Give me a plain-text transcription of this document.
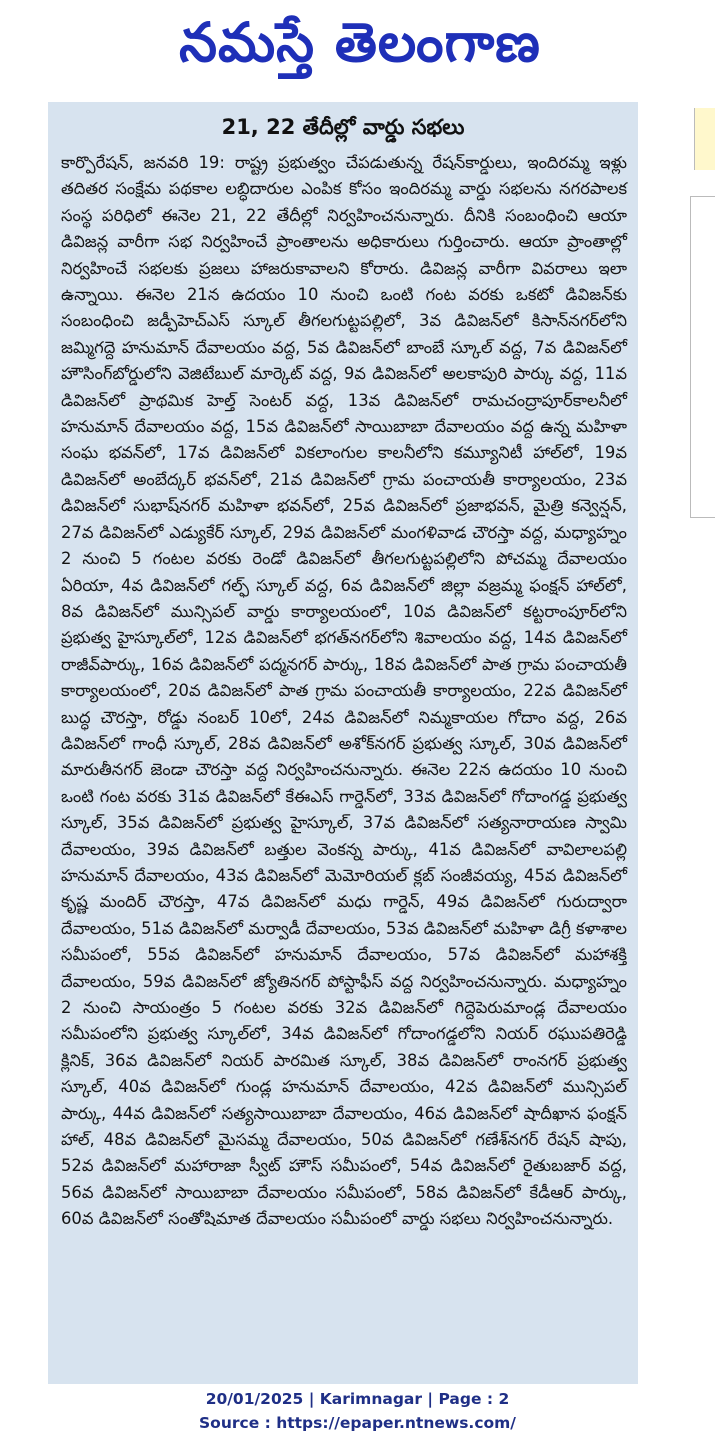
నమస్తే తెలంగాణ
21, 22 తేదీల్లో వార్డు సభలు

కార్పొరేషన్, జనవరి 19: రాష్ట్ర ప్రభుత్వం చేపడుతున్న రేషన్‌కార్డులు, ఇందిరమ్మ ఇళ్లు తదితర సంక్షేమ పథకాల లబ్ధిదారుల ఎంపిక కోసం ఇందిరమ్మ వార్డు సభలను నగరపాలక సంస్థ పరిధిలో ఈనెల 21, 22 తేదీల్లో నిర్వహించనున్నారు. దీనికి సంబంధించి ఆయా డివిజన్ల వారీగా సభ నిర్వహించే ప్రాంతాలను అధికారులు గుర్తించారు. ఆయా ప్రాంతాల్లో నిర్వహించే సభలకు ప్రజలు హాజరుకావాలని కోరారు. డివిజన్ల వారీగా వివరాలు ఇలా ఉన్నాయి. ఈనెల 21న ఉదయం 10 నుంచి ఒంటి గంట వరకు ఒకటో డివిజన్‌కు సంబంధించి జడ్పీహెచ్‌ఎస్ స్కూల్ తీగలగుట్టపల్లిలో, 3వ డివిజన్‌లో కిసాన్‌నగర్‌లోని జమ్మిగద్దె హనుమాన్ దేవాలయం వద్ద, 5వ డివిజన్‌లో బాంబే స్కూల్ వద్ద, 7వ డివిజన్‌లో హౌసింగ్‌బోర్డులోని వెజిటేబుల్ మార్కెట్ వద్ద, 9వ డివిజన్‌లో అలకాపురి పార్కు వద్ద, 11వ డివిజన్‌లో ప్రాథమిక హెల్త్ సెంటర్ వద్ద, 13వ డివిజన్‌లో రామచంద్రాపూర్‌కాలనీలో హనుమాన్ దేవాలయం వద్ద, 15వ డివిజన్‌లో సాయిబాబా దేవాలయం వద్ద ఉన్న మహిళా సంఘ భవన్‌లో, 17వ డివిజన్‌లో వికలాంగుల కాలనీలోని కమ్యూనిటీ హాల్‌లో, 19వ డివిజన్‌లో అంబేద్కర్ భవన్‌లో, 21వ డివిజన్‌లో గ్రామ పంచాయతీ కార్యాలయం, 23వ డివిజన్‌లో సుభాష్‌నగర్ మహిళా భవన్‌లో, 25వ డివిజన్‌లో ప్రజాభవన్, మైత్రి కన్వెన్షన్, 27వ డివిజన్‌లో ఎడ్యుకేర్ స్కూల్, 29వ డివిజన్‌లో మంగళివాడ చౌరస్తా వద్ద, మధ్యాహ్నం 2 నుంచి 5 గంటల వరకు రెండో డివిజన్‌లో తీగలగుట్టపల్లిలోని పోచమ్మ దేవాలయం ఏరియా, 4వ డివిజన్‌లో గల్ఫ్ స్కూల్ వద్ద, 6వ డివిజన్‌లో జిల్లా వజ్రమ్మ ఫంక్షన్ హాల్‌లో, 8వ డివిజన్‌లో మున్సిపల్ వార్డు కార్యాలయంలో, 10వ డివిజన్‌లో కట్టరాంపూర్‌లోని ప్రభుత్వ హైస్కూల్‌లో, 12వ డివిజన్‌లో భగత్‌నగర్‌లోని శివాలయం వద్ద, 14వ డివిజన్‌లో రాజీవ్‌పార్కు, 16వ డివిజన్‌లో పద్మనగర్ పార్కు, 18వ డివిజన్‌లో పాత గ్రామ పంచాయతీ కార్యాలయంలో, 20వ డివిజన్‌లో పాత గ్రామ పంచాయతీ కార్యాలయం, 22వ డివిజన్‌లో బుద్ధ చౌరస్తా, రోడ్డు నంబర్ 10లో, 24వ డివిజన్‌లో నిమ్మకాయల గోదాం వద్ద, 26వ డివిజన్‌లో గాంధీ స్కూల్, 28వ డివిజన్‌లో అశోక్‌నగర్ ప్రభుత్వ స్కూల్, 30వ డివిజన్‌లో మారుతీనగర్ జెండా చౌరస్తా వద్ద నిర్వహించనున్నారు. ఈనెల 22న ఉదయం 10 నుంచి ఒంటి గంట వరకు 31వ డివిజన్‌లో కేఈఎస్ గార్డెన్‌లో, 33వ డివిజన్‌లో గోదాంగడ్డ ప్రభుత్వ స్కూల్, 35వ డివిజన్‌లో ప్రభుత్వ హైస్కూల్, 37వ డివిజన్‌లో సత్యనారాయణ స్వామి దేవాలయం, 39వ డివిజన్‌లో బత్తుల వెంకన్న పార్కు, 41వ డివిజన్‌లో వావిలాలపల్లి హనుమాన్ దేవాలయం, 43వ డివిజన్‌లో మెమోరియల్ క్లబ్ సంజీవయ్య, 45వ డివిజన్‌లో కృష్ణ మందిర్ చౌరస్తా, 47వ డివిజన్‌లో మధు గార్డెన్, 49వ డివిజన్‌లో గురుద్వారా దేవాలయం, 51వ డివిజన్‌లో మర్వాడీ దేవాలయం, 53వ డివిజన్‌లో మహిళా డిగ్రీ కళాశాల సమీపంలో, 55వ డివిజన్‌లో హనుమాన్ దేవాలయం, 57వ డివిజన్‌లో మహాశక్తి దేవాలయం, 59వ డివిజన్‌లో జ్యోతినగర్ పోస్టాఫీస్ వద్ద నిర్వహించనున్నారు. మధ్యాహ్నం 2 నుంచి సాయంత్రం 5 గంటల వరకు 32వ డివిజన్‌లో గిద్దెపెరుమాండ్ల దేవాలయం సమీపంలోని ప్రభుత్వ స్కూల్‌లో, 34వ డివిజన్‌లో గోదాంగడ్డలోని నియర్ రఘుపతిరెడ్డి క్లినిక్, 36వ డివిజన్‌లో నియర్ పారమిత స్కూల్, 38వ డివిజన్‌లో రాంనగర్ ప్రభుత్వ స్కూల్, 40వ డివిజన్‌లో గుండ్ల హనుమాన్ దేవాలయం, 42వ డివిజన్‌లో మున్సిపల్ పార్కు, 44వ డివిజన్‌లో సత్యసాయిబాబా దేవాలయం, 46వ డివిజన్‌లో షాదీఖాన ఫంక్షన్ హాల్, 48వ డివిజన్‌లో మైసమ్మ దేవాలయం, 50వ డివిజన్‌లో గణేశ్‌నగర్ రేషన్ షాపు, 52వ డివిజన్‌లో మహారాజా స్వీట్ హౌస్ సమీపంలో, 54వ డివిజన్‌లో రైతుబజార్ వద్ద, 56వ డివిజన్‌లో సాయిబాబా దేవాలయం సమీపంలో, 58వ డివిజన్‌లో కేడీఆర్ పార్కు, 60వ డివిజన్‌లో సంతోషిమాత దేవాలయం సమీపంలో వార్డు సభలు నిర్వహించనున్నారు.

20/01/2025 | Karimnagar | Page : 2
Source : https://epaper.ntnews.com/
